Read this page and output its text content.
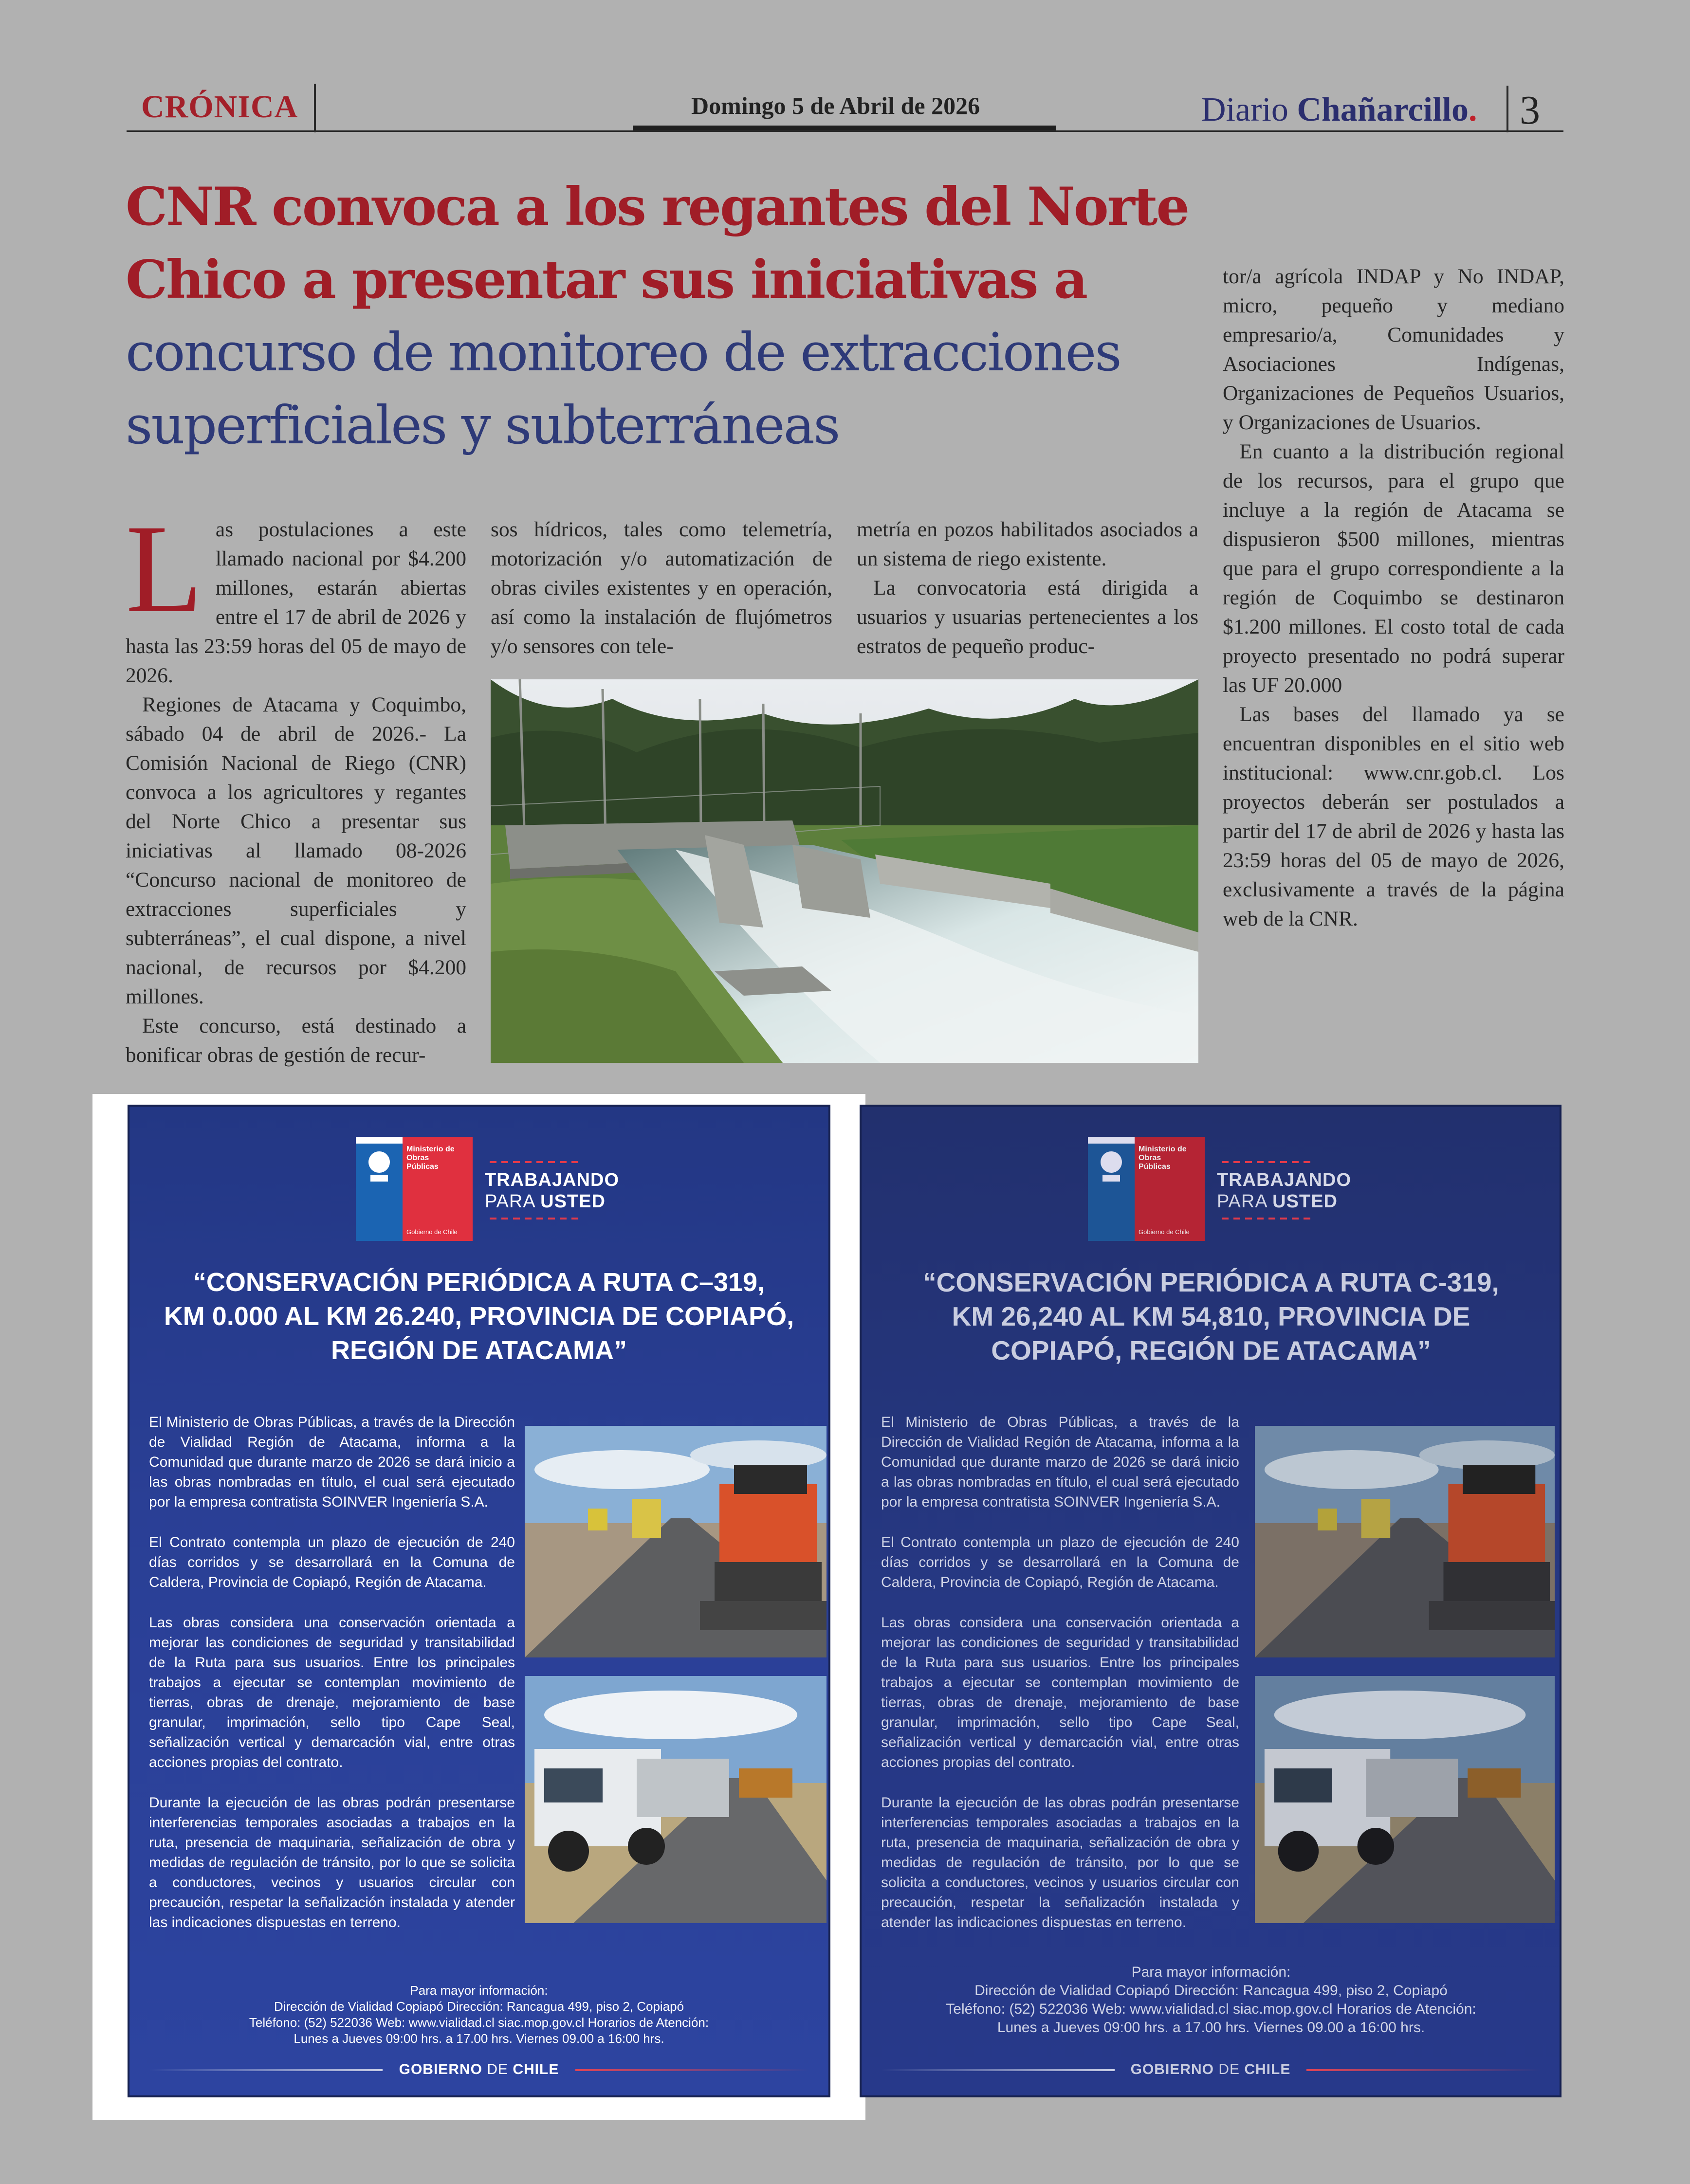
CRÓNICA	Domingo 5 de Abril de 2026	Diario Chañarcillo. 3
CNR convoca a los regantes del Norte
Chico a presentar sus iniciativas a
concurso de monitoreo de extracciones
superficiales y subterráneas
L as postulaciones a este llamado nacional por $4.200 millones, estarán abiertas entre el 17 de abril de 2026 y hasta las 23:59 horas del 05 de mayo de 2026.

Regiones de Atacama y Coquimbo, sábado 04 de abril de 2026.- La Comisión Nacional de Riego (CNR) convoca a los agricultores y regantes del Norte Chico a presentar sus iniciativas al llamado 08-2026 “Concurso nacional de monitoreo de extracciones superficiales y subterráneas”, el cual dispone, a nivel nacional, de recursos por $4.200 millones.

Este concurso, está destinado a bonificar obras de gestión de recur-

sos hídricos, tales como telemetría, motorización y/o automatización de obras civiles existentes y en operación, así como la instalación de flujómetros y/o sensores con tele-

metría en pozos habilitados asociados a un sistema de riego existente.

La convocatoria está dirigida a usuarios y usuarias pertenecientes a los estratos de pequeño produc-

tor/a agrícola INDAP y No INDAP, micro, pequeño y mediano empresario/a, Comunidades y Asociaciones Indígenas, Organizaciones de Pequeños Usuarios, y Organizaciones de Usuarios.

En cuanto a la distribución regional de los recursos, para el grupo que incluye a la región de Atacama se dispusieron $500 millones, mientras que para el grupo correspondiente a la región de Coquimbo se destinaron $1.200 millones. El costo total de cada proyecto presentado no podrá superar las UF 20.000

Las bases del llamado ya se encuentran disponibles en el sitio web institucional: www.cnr.gob.cl. Los proyectos deberán ser postulados a partir del 17 de abril de 2026 y hasta las 23:59 horas del 05 de mayo de 2026, exclusivamente a través de la página web de la CNR.

Ministerio de
Obras
Públicas
Gobierno de Chile
TRABAJANDO
PARA USTED
“CONSERVACIÓN PERIÓDICA A RUTA C–319,
KM 0.000 AL KM 26.240, PROVINCIA DE COPIAPÓ,
REGIÓN DE ATACAMA”

El Ministerio de Obras Públicas, a través de la Dirección de Vialidad Región de Atacama, informa a la Comunidad que durante marzo de 2026 se dará inicio a las obras nombradas en título, el cual será ejecutado por la empresa contratista SOINVER Ingeniería S.A.

El Contrato contempla un plazo de ejecución de 240 días corridos y se desarrollará en la Comuna de Caldera, Provincia de Copiapó, Región de Atacama.

Las obras considera una conservación orientada a mejorar las condiciones de seguridad y transitabilidad de la Ruta para sus usuarios. Entre los principales trabajos a ejecutar se contemplan movimiento de tierras, obras de drenaje, mejoramiento de base granular, imprimación, sello tipo Cape Seal, señalización vertical y demarcación vial, entre otras acciones propias del contrato.

Durante la ejecución de las obras podrán presentarse interferencias temporales asociadas a trabajos en la ruta, presencia de maquinaria, señalización de obra y medidas de regulación de tránsito, por lo que se solicita a conductores, vecinos y usuarios circular con precaución, respetar la señalización instalada y atender las indicaciones dispuestas en terreno.

Para mayor información:
Dirección de Vialidad Copiapó Dirección: Rancagua 499, piso 2, Copiapó
Teléfono: (52) 522036 Web: www.vialidad.cl siac.mop.gov.cl Horarios de Atención:
Lunes a Jueves 09:00 hrs. a 17.00 hrs. Viernes 09.00 a 16:00 hrs.
GOBIERNO DE CHILE
Ministerio de
Obras
Públicas
Gobierno de Chile
TRABAJANDO
PARA USTED
“CONSERVACIÓN PERIÓDICA A RUTA C-319,
KM 26,240 AL KM 54,810, PROVINCIA DE
COPIAPÓ, REGIÓN DE ATACAMA”

El Ministerio de Obras Públicas, a través de la Dirección de Vialidad Región de Atacama, informa a la Comunidad que durante marzo de 2026 se dará inicio a las obras nombradas en título, el cual será ejecutado por la empresa contratista SOINVER Ingeniería S.A.

El Contrato contempla un plazo de ejecución de 240 días corridos y se desarrollará en la Comuna de Caldera, Provincia de Copiapó, Región de Atacama.

Las obras considera una conservación orientada a mejorar las condiciones de seguridad y transitabilidad de la Ruta para sus usuarios. Entre los principales trabajos a ejecutar se contemplan movimiento de tierras, obras de drenaje, mejoramiento de base granular, imprimación, sello tipo Cape Seal, señalización vertical y demarcación vial, entre otras acciones propias del contrato.

Durante la ejecución de las obras podrán presentarse interferencias temporales asociadas a trabajos en la ruta, presencia de maquinaria, señalización de obra y medidas de regulación de tránsito, por lo que se solicita a conductores, vecinos y usuarios circular con precaución, respetar la señalización instalada y atender las indicaciones dispuestas en terreno.

Para mayor información:
Dirección de Vialidad Copiapó Dirección: Rancagua 499, piso 2, Copiapó
Teléfono: (52) 522036 Web: www.vialidad.cl siac.mop.gov.cl Horarios de Atención:
Lunes a Jueves 09:00 hrs. a 17.00 hrs. Viernes 09.00 a 16:00 hrs.
GOBIERNO DE CHILE
